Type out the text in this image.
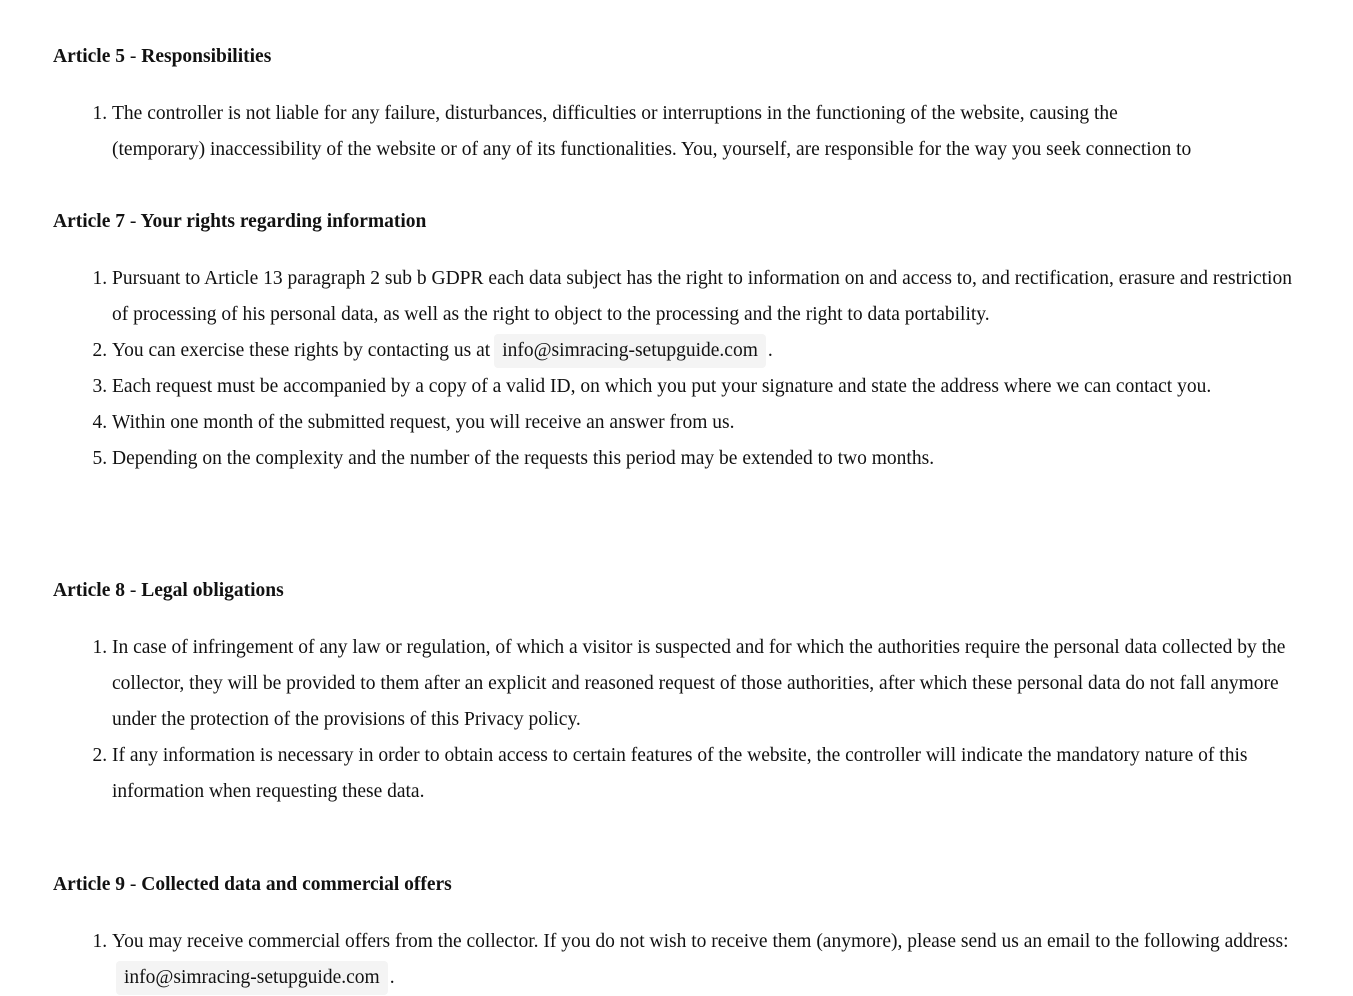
Article 5 - Responsibilities
1. The controller is not liable for any failure, disturbances, difficulties or interruptions in the functioning of the website, causing the
(temporary) inaccessibility of the website or of any of its functionalities. You, yourself, are responsible for the way you seek connection to
Article 7 - Your rights regarding information
1. Pursuant to Article 13 paragraph 2 sub b GDPR each data subject has the right to information on and access to, and rectification, erasure and restriction of processing of his personal data, as well as the right to object to the processing and the right to data portability.
2. You can exercise these rights by contacting us at info@simracing-setupguide.com .
3. Each request must be accompanied by a copy of a valid ID, on which you put your signature and state the address where we can contact you.
4. Within one month of the submitted request, you will receive an answer from us.
5. Depending on the complexity and the number of the requests this period may be extended to two months.
Article 8 - Legal obligations
1. In case of infringement of any law or regulation, of which a visitor is suspected and for which the authorities require the personal data collected by the collector, they will be provided to them after an explicit and reasoned request of those authorities, after which these personal data do not fall anymore under the protection of the provisions of this Privacy policy.
2. If any information is necessary in order to obtain access to certain features of the website, the controller will indicate the mandatory nature of this information when requesting these data.
Article 9 - Collected data and commercial offers
1. You may receive commercial offers from the collector. If you do not wish to receive them (anymore), please send us an email to the following address:info@simracing-setupguide.com .
